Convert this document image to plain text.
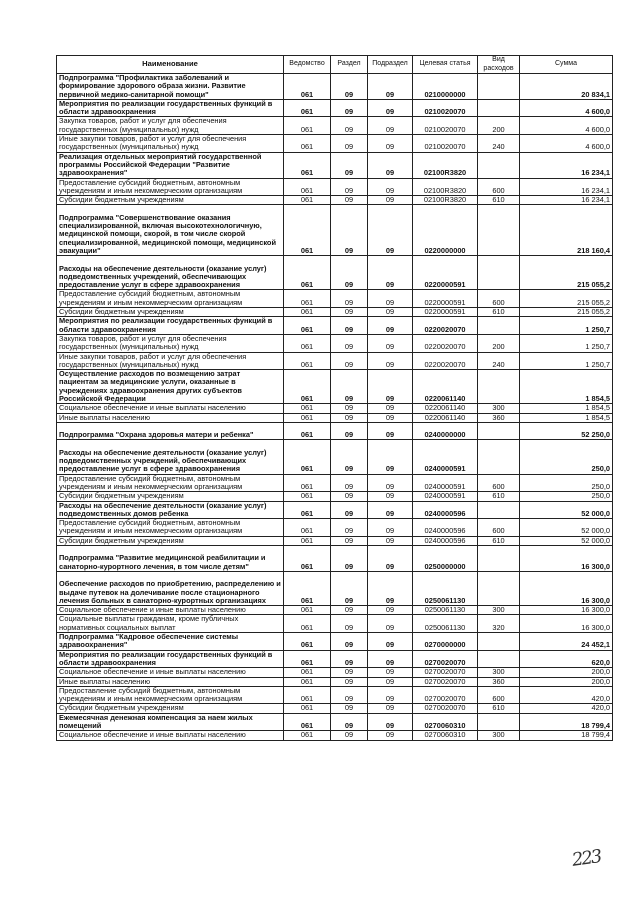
Наименование	Ведомство	Раздел	Подраздел	Целевая статья	Вид расходов	Сумма
Подпрограмма "Профилактика заболеваний и формирование здорового образа жизни. Развитие первичной медико-санитарной помощи"	061	09	09	0210000000		20 834,1
Мероприятия по реализации государственных функций в области здравоохранения	061	09	09	0210020070		4 600,0
Закупка товаров, работ и услуг для обеспечения государственных (муниципальных) нужд	061	09	09	0210020070	200	4 600,0
Иные закупки товаров, работ и услуг для обеспечения государственных (муниципальных) нужд	061	09	09	0210020070	240	4 600,0
Реализация отдельных мероприятий государственной программы Российской Федерации "Развитие здравоохранения"	061	09	09	02100R3820		16 234,1
Предоставление субсидий бюджетным, автономным учреждениям и иным некоммерческим организациям	061	09	09	02100R3820	600	16 234,1
Субсидии бюджетным учреждениям	061	09	09	02100R3820	610	16 234,1
Подпрограмма "Совершенствование оказания специализированной, включая высокотехнологичную, медицинской помощи, скорой, в том числе скорой специализированной, медицинской помощи, медицинской эвакуации"	061	09	09	0220000000		218 160,4
Расходы на обеспечение деятельности (оказание услуг) подведомственных учреждений, обеспечивающих предоставление услуг в сфере здравоохранения	061	09	09	0220000591		215 055,2
Предоставление субсидий бюджетным, автономным учреждениям и иным некоммерческим организациям	061	09	09	0220000591	600	215 055,2
Субсидии бюджетным учреждениям	061	09	09	0220000591	610	215 055,2
Мероприятия по реализации государственных функций в области здравоохранения	061	09	09	0220020070		1 250,7
Закупка товаров, работ и услуг для обеспечения государственных (муниципальных) нужд	061	09	09	0220020070	200	1 250,7
Иные закупки товаров, работ и услуг для обеспечения государственных (муниципальных) нужд	061	09	09	0220020070	240	1 250,7
Осуществление расходов по возмещению затрат пациентам за медицинские услуги, оказанные в учреждениях здравоохранения других субъектов Российской Федерации	061	09	09	0220061140		1 854,5
Социальное обеспечение и иные выплаты населению	061	09	09	0220061140	300	1 854,5
Иные выплаты населению	061	09	09	0220061140	360	1 854,5
Подпрограмма "Охрана здоровья матери и ребенка"	061	09	09	0240000000		52 250,0
Расходы на обеспечение деятельности (оказание услуг) подведомственных учреждений, обеспечивающих предоставление услуг в сфере здравоохранения	061	09	09	0240000591		250,0
Предоставление субсидий бюджетным, автономным учреждениям и иным некоммерческим организациям	061	09	09	0240000591	600	250,0
Субсидии бюджетным учреждениям	061	09	09	0240000591	610	250,0
Расходы на обеспечение деятельности (оказание услуг) подведомственных домов ребенка	061	09	09	0240000596		52 000,0
Предоставление субсидий бюджетным, автономным учреждениям и иным некоммерческим организациям	061	09	09	0240000596	600	52 000,0
Субсидии бюджетным учреждениям	061	09	09	0240000596	610	52 000,0
Подпрограмма "Развитие медицинской реабилитации и санаторно-курортного лечения, в том числе детям"	061	09	09	0250000000		16 300,0
Обеспечение расходов по приобретению, распределению и выдаче путевок на долечивание после стационарного лечения больных в санаторно-курортных организациях	061	09	09	0250061130		16 300,0
Социальное обеспечение и иные выплаты населению	061	09	09	0250061130	300	16 300,0
Социальные выплаты гражданам, кроме публичных нормативных социальных выплат	061	09	09	0250061130	320	16 300,0
Подпрограмма "Кадровое обеспечение системы здравоохранения"	061	09	09	0270000000		24 452,1
Мероприятия по реализации государственных функций в области здравоохранения	061	09	09	0270020070		620,0
Социальное обеспечение и иные выплаты населению	061	09	09	0270020070	300	200,0
Иные выплаты населению	061	09	09	0270020070	360	200,0
Предоставление субсидий бюджетным, автономным учреждениям и иным некоммерческим организациям	061	09	09	0270020070	600	420,0
Субсидии бюджетным учреждениям	061	09	09	0270020070	610	420,0
Ежемесячная денежная компенсация за наем жилых помещений	061	09	09	0270060310		18 799,4
Социальное обеспечение и иные выплаты населению	061	09	09	0270060310	300	18 799,4
223
